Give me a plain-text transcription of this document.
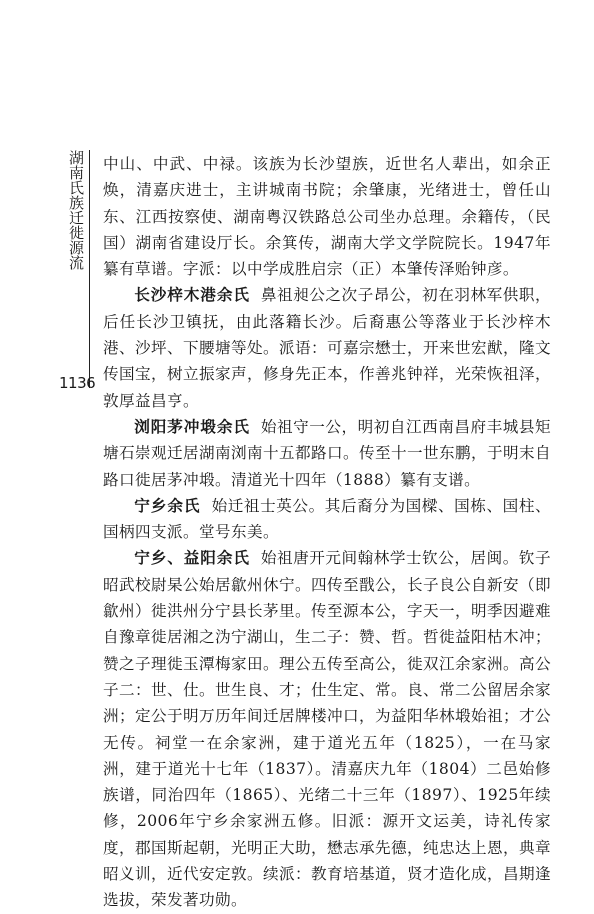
湖南氏族迁徙源流
1136

中山、中武、中禄。该族为长沙望族，近世名人辈出，如余正焕，清嘉庆进士，主讲城南书院；余肇康，光绪进士，曾任山东、江西按察使、湖南粤汉铁路总公司坐办总理。余籍传，（民国）湖南省建设厅长。余箕传，湖南大学文学院院长。1947年纂有草谱。字派：以中学成胜启宗（正）本肇传泽贻钟彦。

长沙梓木港余氏 鼻祖昶公之次子昂公，初在羽林军供职，后任长沙卫镇抚，由此落籍长沙。后裔惠公等落业于长沙梓木港、沙坪、下腰塘等处。派语：可嘉宗懋士，开来世宏猷，隆文传国宝，树立振家声，修身先正本，作善兆钟祥，光荣恢祖泽，敦厚益昌亨。

浏阳茅冲塅余氏 始祖守一公，明初自江西南昌府丰城县矩塘石崇观迁居湖南浏南十五都路口。传至十一世东鹏，于明末自路口徙居茅冲塅。清道光十四年（1888）纂有支谱。

宁乡余氏 始迁祖士英公。其后裔分为国樑、国栋、国柱、国柄四支派。堂号东美。

宁乡、益阳余氏 始祖唐开元间翰林学士钦公，居闽。钦子昭武校尉杲公始居歙州休宁。四传至戬公，长子良公自新安（即歙州）徙洪州分宁县长茅里。传至源本公，字天一，明季因避难自豫章徙居湘之沩宁湖山，生二子：赞、哲。哲徙益阳枯木冲；赞之子理徙玉潭梅家田。理公五传至高公，徙双江余家洲。高公子二：世、仕。世生良、才；仕生定、常。良、常二公留居余家洲；定公于明万历年间迁居牌楼冲口，为益阳华林塅始祖；才公无传。祠堂一在余家洲，建于道光五年（1825），一在马家洲，建于道光十七年（1837）。清嘉庆九年（1804）二邑始修族谱，同治四年（1865）、光绪二十三年（1897）、1925年续修，2006年宁乡余家洲五修。旧派：源开文运美，诗礼传家度，郡国斯起朝，光明正大助，懋志承先德，纯忠达上恩，典章昭义训，近代安定敦。续派：教育培基道，贤才造化成，昌期逢选拔，荣发著功勋。
